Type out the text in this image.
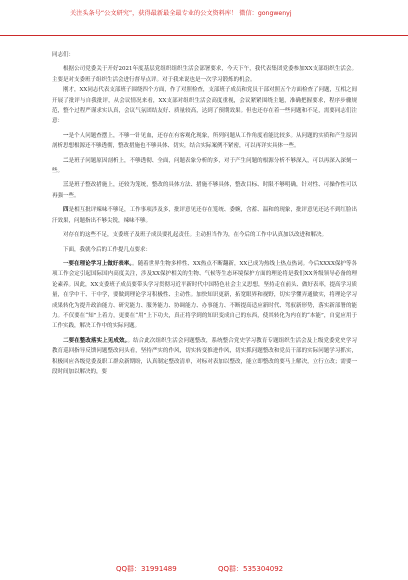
关注头条号“公文研究”，获得最新最全最专业的公文资料库！ 微信：gongwenyj

同志们：

根据公司党委关于开好2021年度基层党组织组织生活会部署要求，今天下午，我代表集团党委参加XX支部组织生活会。主要是对支委班子组织生活会进行督导点评。对于我来说也是一次学习锻炼的机会。

刚才，XX同志代表支部班子围绕四个方面，作了对照检查，支部班子成员和党员干部对照五个方面检查了问题，互相之间开展了批评与自我批评，从会议情况来看，XX支部对组织生活会高度重视，会议紧紧围绕主题，准确把握要求，程序步骤规范，整个过程严谨求实认真，会议气氛团结友好、质量较高，达到了预期效果。但也还存在着一些问题和不足，需要同志们注意：

一是个人问题查摆上，不够一针见血，还存在有客观化现象，所列问题从工作角度看能比较多。从问题的实质和产生原因剖析思想根源还不够透彻，整改措施也不够具体、切实，结合实际案例不紧密，可以再详实具体一些。

二是班子问题原因剖析上，不够透彻、全面，问题表象分析的多，对于产生问题的根源分析不够深入，可以再深入深刻一些。

三是班子整改措施上，还较为笼统，整改的具体方法、措施不够具体，整改目标、时限不够明确，针对性、可操作性可以再强一些。

四是相互批评辣味不够足，工作事项涉及多，批评意见还存在笼统、委婉，含蓄、温和的现象，批评意见还达不到红脸出汗效果，问题指出不够尖锐，辣味不够。

对存在的这些不足，支委班子及班子成员要扎起责任。主动担当作为，在今后的工作中认真加以改进和解决。

下面，我就今后的工作提几点要求：

一要在理论学习上做好表率。。随着世界生物多样性、XX热点不断翻新，XX已成为热线上热点热词。今后XXXX保护等各项工作会定引起国际国内高度关注，涉及XX保护相关的生物、气候等生态环境保护方面的理论将是我们XX务级领导必备的理论素养。因此，XX支委班子成员要带头学习贯彻习近平新时代中国特色社会主义思想，坚持走在前头、做好表率，提高学习质量，在学中干、干中学，要做到理论学习积极性、主动性。加快知识更新，拓宽眼界和视野，切实学懂弄通做实，将理论学习成果转化为提升政治能力、研究能力、服务能力、协调能力、办事能力、不断提高适应新时代、驾驭新形势，落实新部署的能力。不仅要在“知”上着力，更要在“用”上下功夫，真正将学到的知识变成自己的东西，使其转化为内在的“本能”，自觉应用于工作实践，解决工作中的实际问题。

二要在整改落实上见成效。。结合此次组织生活会问题整改，系统整合党史学习教育专题组织生活会及上级党委党史学习教育巡回指导反馈问题整改问头看，坚持严实的作风，切实转变推进作风，切实抓问题整改和党员干部的实际问题学习抓实，积极回应各级党委及职工群众新期盼，认真制定整改清单，对标对表加以整改，能立即整改的要马上解决，立行立改；需要一段时间加以解决的，要

QQ群：31991489	QQ群：535304092
